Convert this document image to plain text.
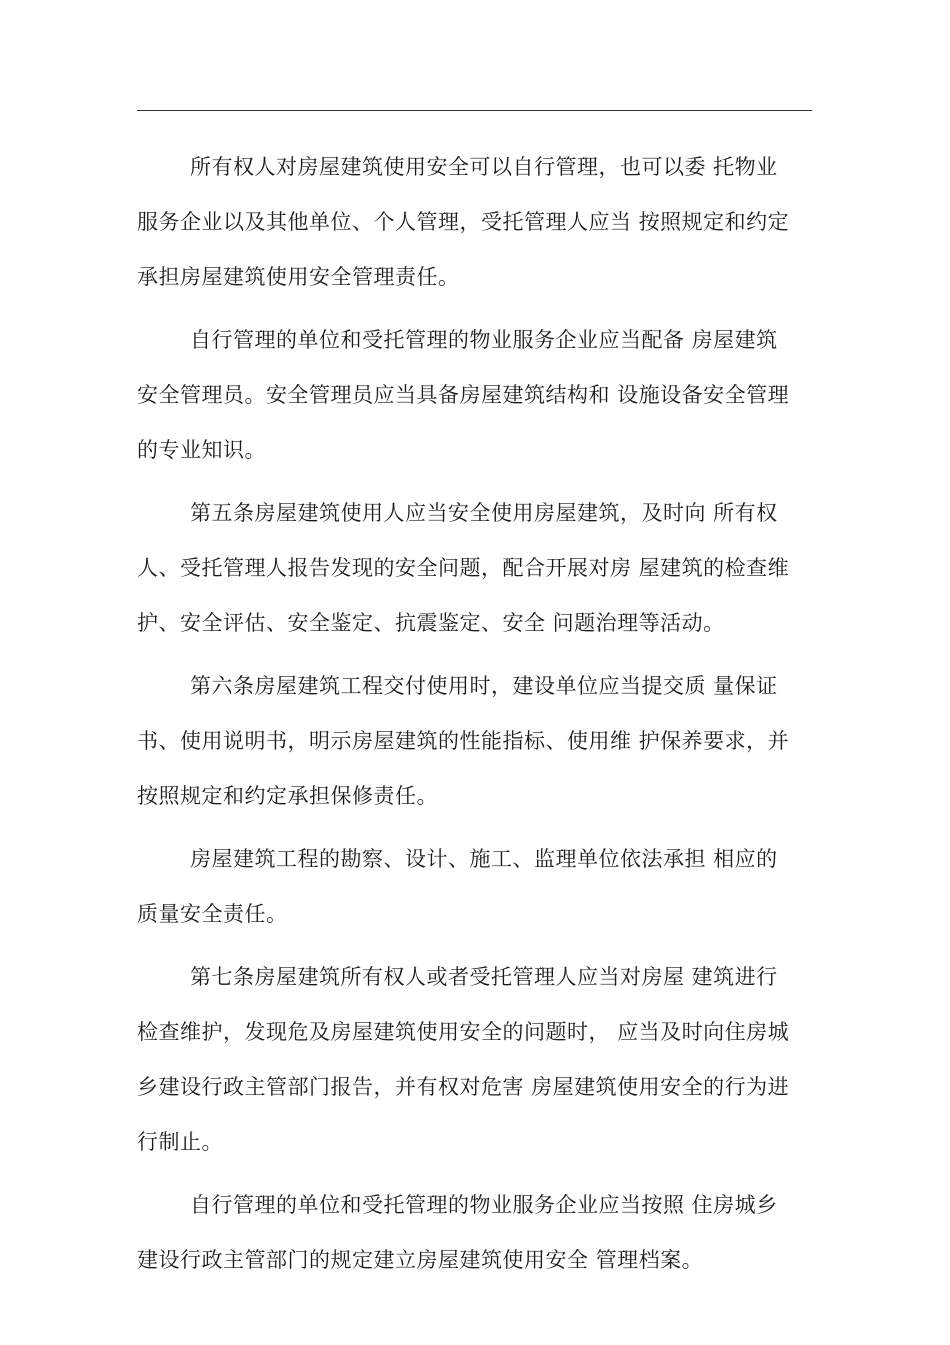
所有权人对房屋建筑使用安全可以自行管理，也可以委 托物业
服务企业以及其他单位、个人管理，受托管理人应当 按照规定和约定
承担房屋建筑使用安全管理责任。

自行管理的单位和受托管理的物业服务企业应当配备 房屋建筑
安全管理员。安全管理员应当具备房屋建筑结构和 设施设备安全管理
的专业知识。

第五条房屋建筑使用人应当安全使用房屋建筑，及时向 所有权
人、受托管理人报告发现的安全问题，配合开展对房 屋建筑的检查维
护、安全评估、安全鉴定、抗震鉴定、安全 问题治理等活动。

第六条房屋建筑工程交付使用时，建设单位应当提交质 量保证
书、使用说明书，明示房屋建筑的性能指标、使用维 护保养要求，并
按照规定和约定承担保修责任。

房屋建筑工程的勘察、设计、施工、监理单位依法承担 相应的
质量安全责任。

第七条房屋建筑所有权人或者受托管理人应当对房屋 建筑进行
检查维护，发现危及房屋建筑使用安全的问题时， 应当及时向住房城
乡建设行政主管部门报告，并有权对危害 房屋建筑使用安全的行为进
行制止。

自行管理的单位和受托管理的物业服务企业应当按照 住房城乡
建设行政主管部门的规定建立房屋建筑使用安全 管理档案。
